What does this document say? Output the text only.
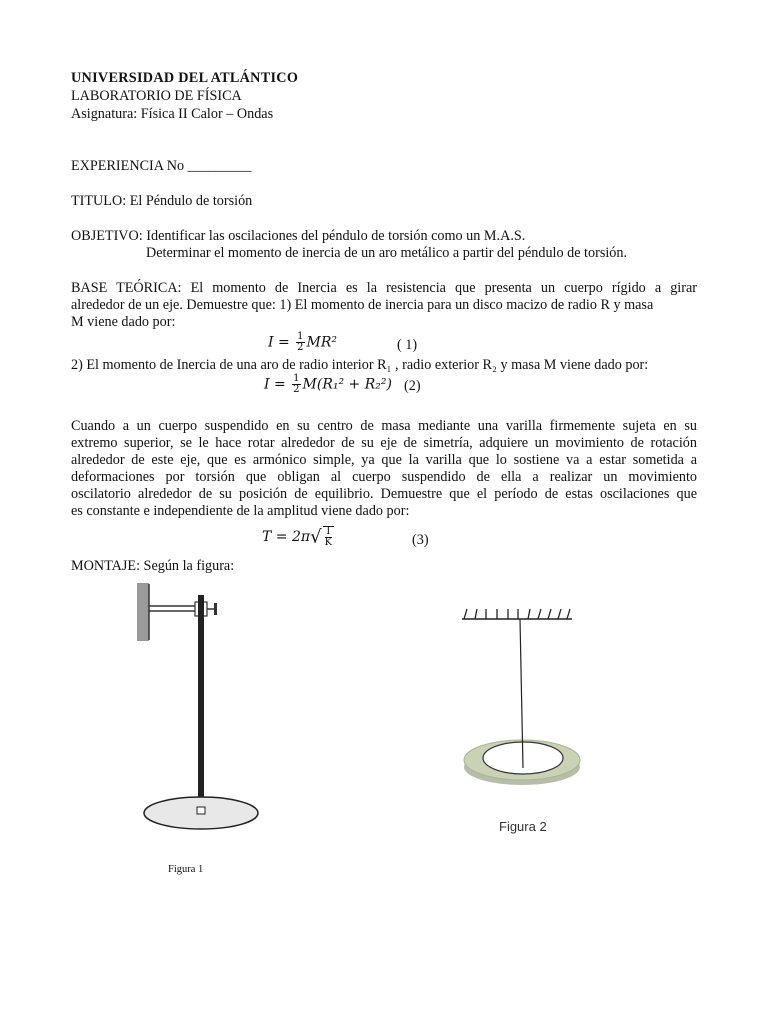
UNIVERSIDAD DEL ATLÁNTICO
LABORATORIO DE FÍSICA
Asignatura: Física II Calor – Ondas
EXPERIENCIA No _________
TITULO: El Péndulo de torsión
OBJETIVO: Identificar las oscilaciones del péndulo de torsión como un M.A.S.
Determinar el momento de inercia de un aro metálico a partir del péndulo de torsión.
BASE TEÓRICA: El momento de Inercia es la resistencia que presenta un cuerpo rígido a girar
alrededor de un eje. Demuestre que: 1) El momento de inercia para un disco macizo de radio R y masa
M viene dado por:
$I = \frac{1}{2} MR^2$	( 1)
2) El momento de Inercia de una aro de radio interior R₁ , radio exterior R₂ y masa M viene dado por:
$I = \frac{1}{2} M(R_1^2 + R_2^2)$ (2)
Cuando a un cuerpo suspendido en su centro de masa mediante una varilla firmemente sujeta en su
extremo superior, se le hace rotar alrededor de su eje de simetría, adquiere un movimiento de rotación
alrededor de este eje, que es armónico simple, ya que la varilla que lo sostiene va a estar sometida a
deformaciones por torsión que obligan al cuerpo suspendido de ella a realizar un movimiento
oscilatorio alrededor de su posición de equilibrio. Demuestre que el período de estas oscilaciones que
es constante e independiente de la amplitud viene dado por:
$T = 2\pi√ \frac{I}{K}$	(3)
MONTAJE: Según la figura:
Figura 1
Figura 2
